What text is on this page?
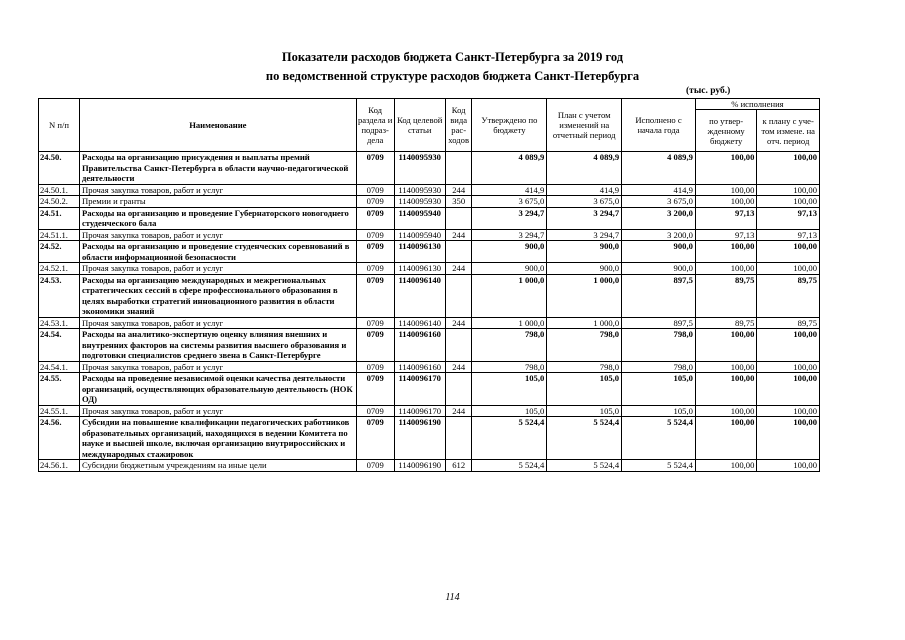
Показатели расходов бюджета Санкт-Петербурга за 2019 год
по ведомственной структуре расходов бюджета Санкт-Петербурга
(тыс. руб.)
N п/п	Наименование	Код раздела и подраз-дела	Код целевой статьи	Код вида рас-ходов	Утверждено по бюджету	План с учетом изменений на отчетный период	Исполнено с начала года	% исполнения	
								по утвер-жденному бюджету	к плану с уче-том измене. на отч. период
24.50.	Расходы на организацию присуждения и выплаты премий Правительства Санкт-Петербурга в области научно-педагогической деятельности	0709	1140095930		4 089,9	4 089,9	4 089,9	100,00	100,00
24.50.1.	Прочая закупка товаров, работ и услуг	0709	1140095930	244	414,9	414,9	414,9	100,00	100,00
24.50.2.	Премии и гранты	0709	1140095930	350	3 675,0	3 675,0	3 675,0	100,00	100,00
24.51.	Расходы на организацию и проведение Губернаторского новогоднего студенческого бала	0709	1140095940		3 294,7	3 294,7	3 200,0	97,13	97,13
24.51.1.	Прочая закупка товаров, работ и услуг	0709	1140095940	244	3 294,7	3 294,7	3 200,0	97,13	97,13
24.52.	Расходы на организацию и проведение студенческих соревнований в области информационной безопасности	0709	1140096130		900,0	900,0	900,0	100,00	100,00
24.52.1.	Прочая закупка товаров, работ и услуг	0709	1140096130	244	900,0	900,0	900,0	100,00	100,00
24.53.	Расходы на организацию международных и межрегиональных стратегических сессий в сфере профессионального образования в целях выработки стратегий инновационного развития в области экономики знаний	0709	1140096140		1 000,0	1 000,0	897,5	89,75	89,75
24.53.1.	Прочая закупка товаров, работ и услуг	0709	1140096140	244	1 000,0	1 000,0	897,5	89,75	89,75
24.54.	Расходы на аналитико-экспертную оценку влияния внешних и внутренних факторов на системы развития высшего образования и подготовки специалистов среднего звена в Санкт-Петербурге	0709	1140096160		798,0	798,0	798,0	100,00	100,00
24.54.1.	Прочая закупка товаров, работ и услуг	0709	1140096160	244	798,0	798,0	798,0	100,00	100,00
24.55.	Расходы на проведение независимой оценки качества деятельности организаций, осуществляющих образовательную деятельность (НОК ОД)	0709	1140096170		105,0	105,0	105,0	100,00	100,00
24.55.1.	Прочая закупка товаров, работ и услуг	0709	1140096170	244	105,0	105,0	105,0	100,00	100,00
24.56.	Субсидии на повышение квалификации педагогических работников образовательных организаций, находящихся в ведении Комитета по науке и высшей школе, включая организацию внутрироссийских и международных стажировок	0709	1140096190		5 524,4	5 524,4	5 524,4	100,00	100,00
24.56.1.	Субсидии бюджетным учреждениям на иные цели	0709	1140096190	612	5 524,4	5 524,4	5 524,4	100,00	100,00
114
